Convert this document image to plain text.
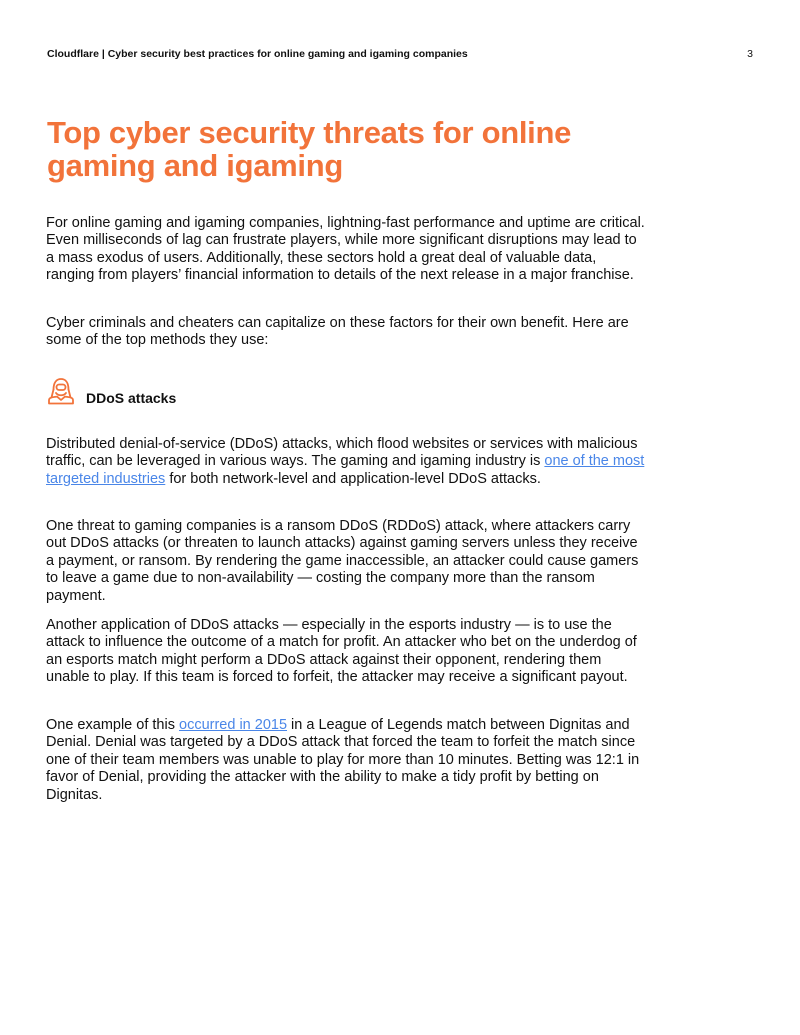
Cloudflare | Cyber security best practices for online gaming and igaming companies	3
Top cyber security threats for online gaming and igaming

For online gaming and igaming companies, lightning-fast performance and uptime are critical. Even milliseconds of lag can frustrate players, while more significant disruptions may lead to a mass exodus of users. Additionally, these sectors hold a great deal of valuable data, ranging from players’ financial information to details of the next release in a major franchise.

Cyber criminals and cheaters can capitalize on these factors for their own benefit. Here are some of the top methods they use:

DDoS attacks

Distributed denial-of-service (DDoS) attacks, which flood websites or services with malicious traffic, can be leveraged in various ways. The gaming and igaming industry is one of the most targeted industries for both network-level and application-level DDoS attacks.

One threat to gaming companies is a ransom DDoS (RDDoS) attack, where attackers carry out DDoS attacks (or threaten to launch attacks) against gaming servers unless they receive a payment, or ransom. By rendering the game inaccessible, an attacker could cause gamers to leave a game due to non-availability — costing the company more than the ransom payment.

Another application of DDoS attacks — especially in the esports industry — is to use the attack to influence the outcome of a match for profit. An attacker who bet on the underdog of an esports match might perform a DDoS attack against their opponent, rendering them unable to play. If this team is forced to forfeit, the attacker may receive a significant payout.

One example of this occurred in 2015 in a League of Legends match between Dignitas and Denial. Denial was targeted by a DDoS attack that forced the team to forfeit the match since one of their team members was unable to play for more than 10 minutes. Betting was 12:1 in favor of Denial, providing the attacker with the ability to make a tidy profit by betting on Dignitas.
